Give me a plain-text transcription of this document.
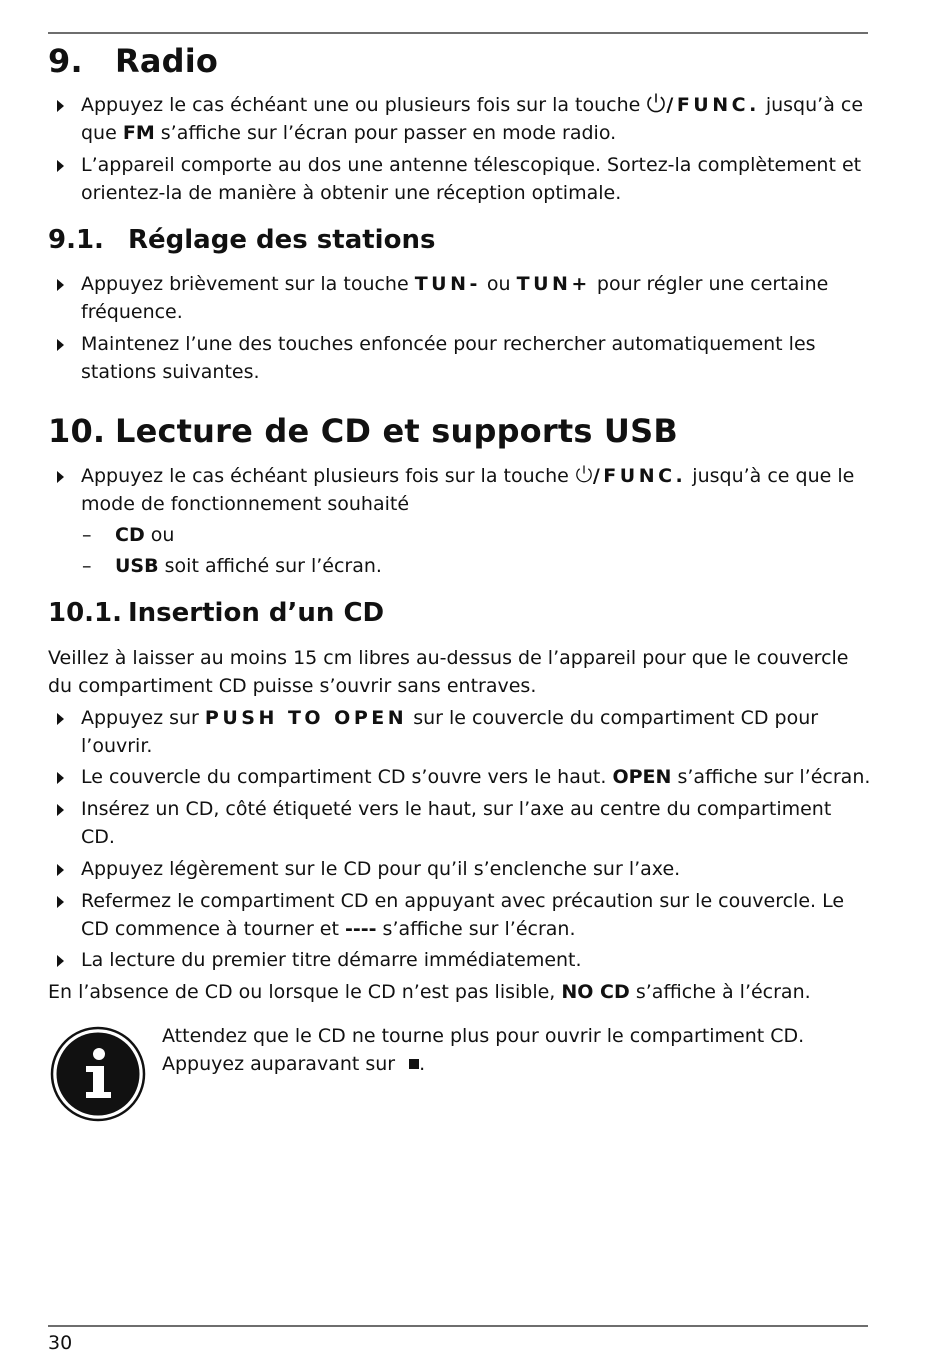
9. Radio
Appuyez le cas échéant une ou plusieurs fois sur la touche /FUNC. jusqu’à ce que FM s’affiche sur l’écran pour passer en mode radio.
L’appareil comporte au dos une antenne télescopique. Sortez-la complètement et orientez-la de manière à obtenir une réception optimale.
9.1. Réglage des stations
Appuyez brièvement sur la touche TUN- ou TUN+ pour régler une certaine fréquence.
Maintenez l’une des touches enfoncée pour rechercher automatiquement les stations suivantes.
10. Lecture de CD et supports USB
Appuyez le cas échéant plusieurs fois sur la touche /FUNC. jusqu’à ce que le mode de fonctionnement souhaité
– CD ou
– USB soit affiché sur l’écran.
10.1. Insertion d’un CD

Veillez à laisser au moins 15 cm libres au-dessus de l’appareil pour que le couvercle du compartiment CD puisse s’ouvrir sans entraves.

Appuyez sur PUSH TO OPEN sur le couvercle du compartiment CD pour l’ouvrir.
Le couvercle du compartiment CD s’ouvre vers le haut. OPEN s’affiche sur l’écran.
Insérez un CD, côté étiqueté vers le haut, sur l’axe au centre du compartiment CD.
Appuyez légèrement sur le CD pour qu’il s’enclenche sur l’axe.
Refermez le compartiment CD en appuyant avec précaution sur le couvercle. Le CD commence à tourner et ---- s’affiche sur l’écran.
La lecture du premier titre démarre immédiatement.

En l’absence de CD ou lorsque le CD n’est pas lisible, NO CD s’affiche à l’écran.

Attendez que le CD ne tourne plus pour ouvrir le compartiment CD. Appuyez auparavant sur .
30
